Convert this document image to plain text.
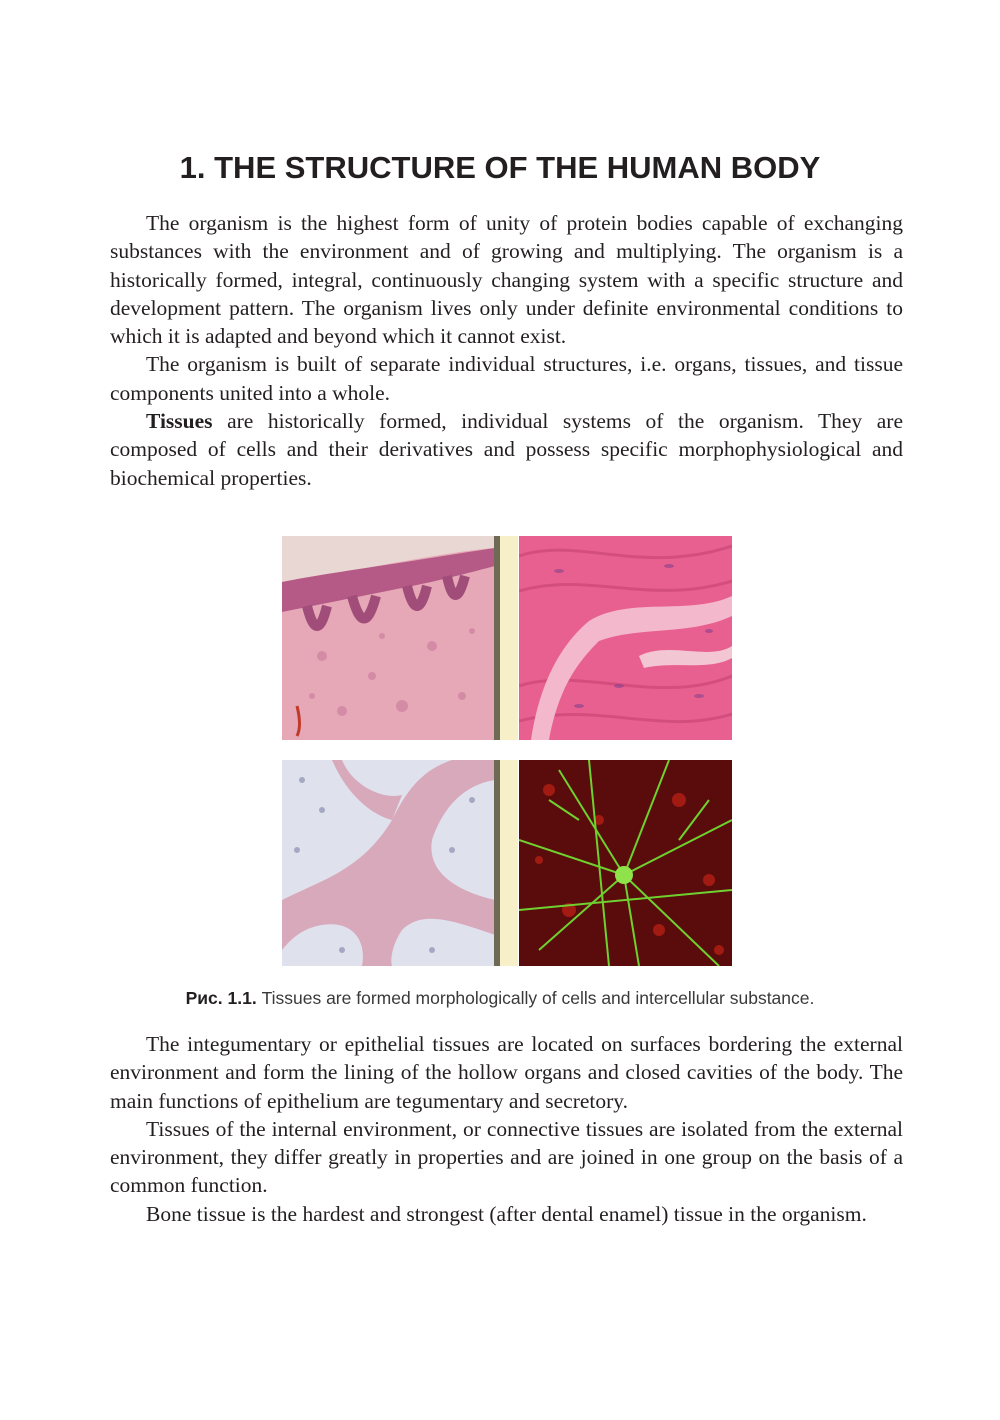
1. THE STRUCTURE OF THE HUMAN BODY

The organism is the highest form of unity of protein bodies capable of exchanging substances with the environment and of growing and multiplying. The organism is a historically formed, integral, continuously changing system with a specific structure and development pattern. The organism lives only under definite environmental conditions to which it is adapted and beyond which it cannot exist.

The organism is built of separate individual structures, i.e. organs, tissues, and tissue components united into a whole.

Tissues are historically formed, individual systems of the organism. They are composed of cells and their derivatives and possess specific morphophysiological and biochemical properties.

Рис. 1.1. Tissues are formed morphologically of cells and intercellular substance.

The integumentary or epithelial tissues are located on surfaces bordering the external environment and form the lining of the hollow organs and closed cavities of the body. The main functions of epithelium are tegumentary and secretory.

Tissues of the internal environment, or connective tissues are isolated from the external environment, they differ greatly in properties and are joined in one group on the basis of a common function.

Bone tissue is the hardest and strongest (after dental enamel) tissue in the organism.
